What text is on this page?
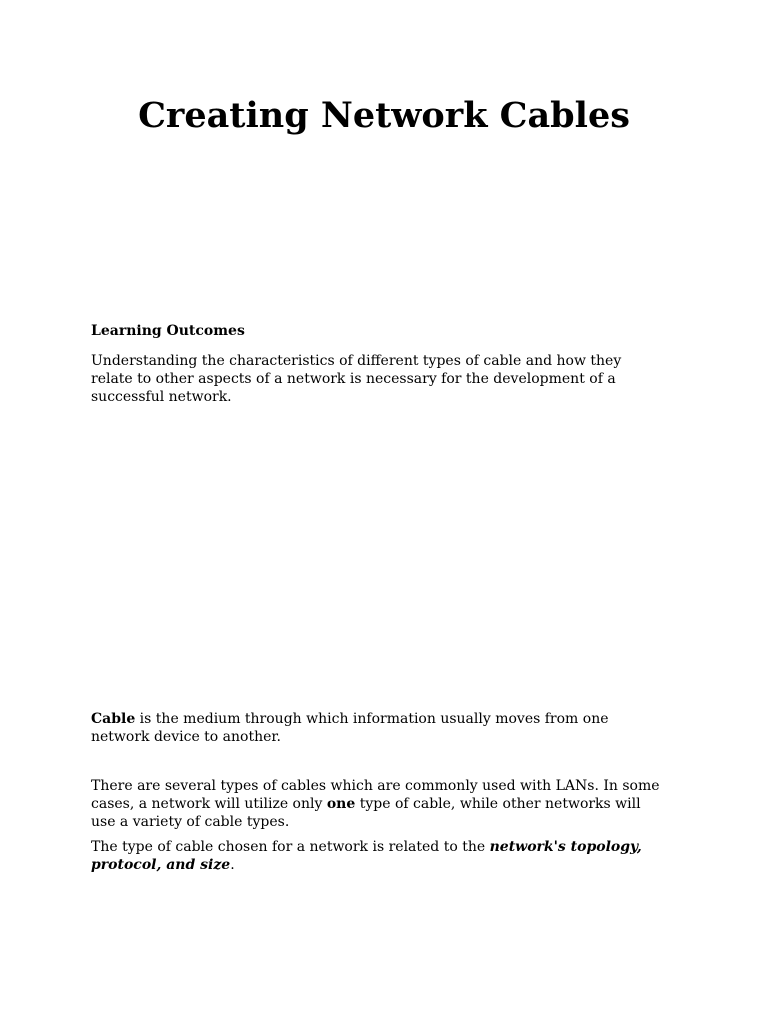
Creating Network Cables

Learning Outcomes

Understanding the characteristics of different types of cable and how they
relate to other aspects of a network is necessary for the development of a
successful network.

Cable is the medium through which information usually moves from one
network device to another.

There are several types of cables which are commonly used with LANs. In some
cases, a network will utilize only one type of cable, while other networks will
use a variety of cable types.

The type of cable chosen for a network is related to the network's topology,
protocol, and size.
